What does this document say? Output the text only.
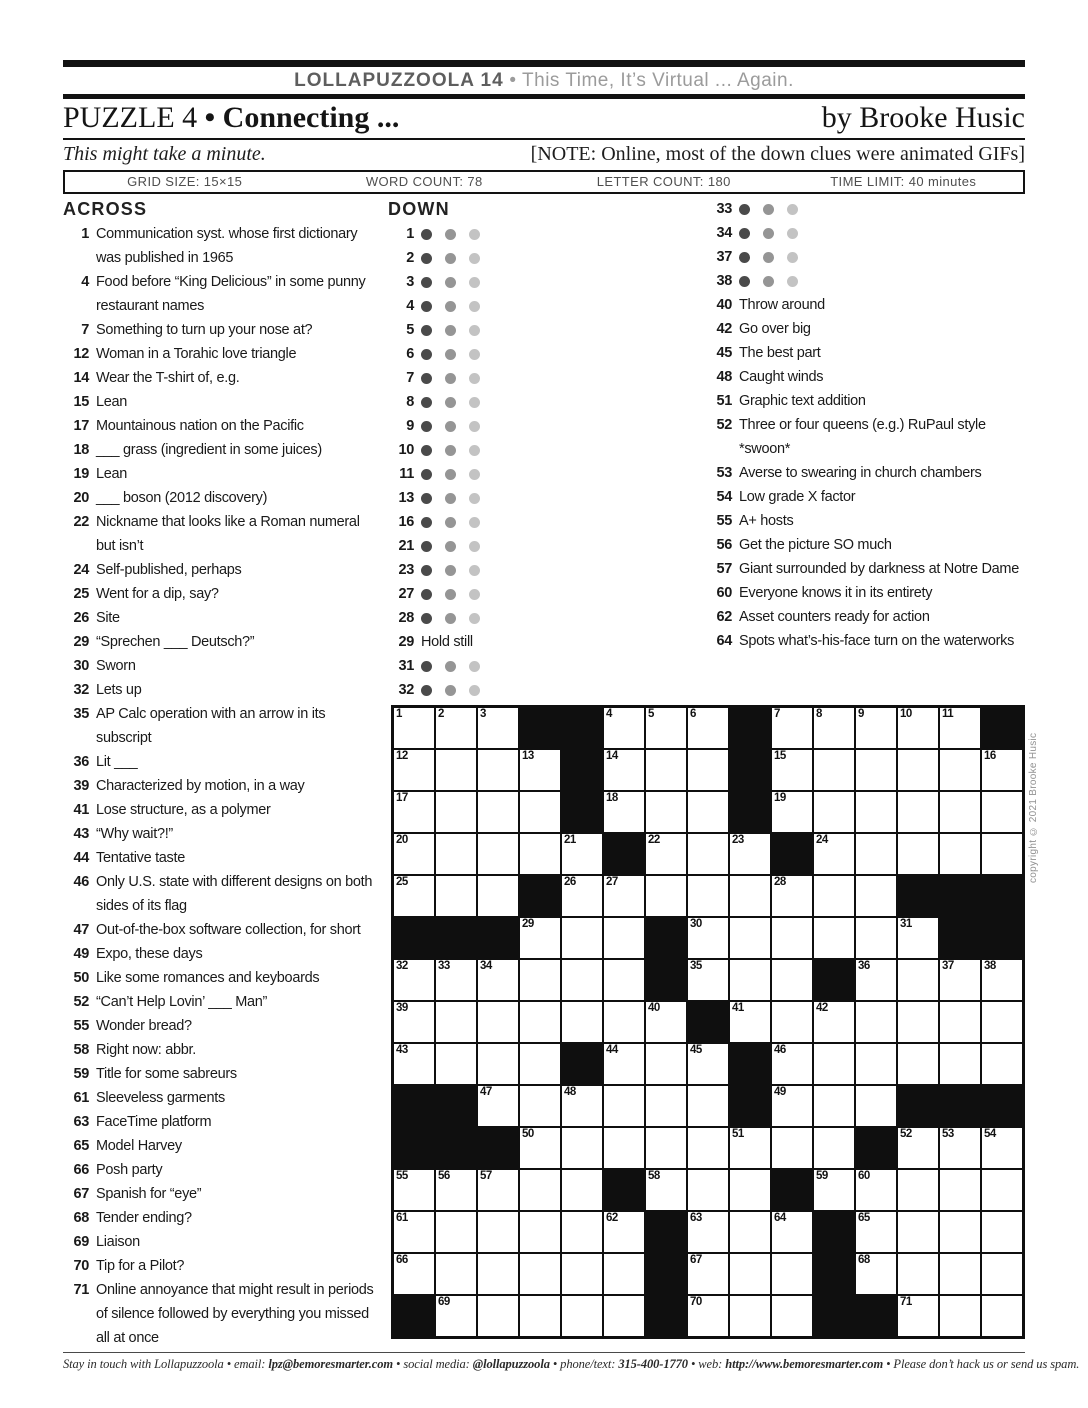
LOLLAPUZZOOLA 14 • This Time, It’s Virtual ... Again.
PUZZLE 4 • Connecting ...	by Brooke Husic
This might take a minute.	[NOTE: Online, most of the down clues were animated GIFs]
GRID SIZE: 15×15	WORD COUNT: 78	LETTER COUNT: 180	TIME LIMIT: 40 minutes
ACROSS
1 Communication syst. whose first dictionary was published in 1965
4 Food before “King Delicious” in some punny restaurant names
7 Something to turn up your nose at?
12 Woman in a Torahic love triangle
14 Wear the T-shirt of, e.g.
15 Lean
17 Mountainous nation on the Pacific
18 ___ grass (ingredient in some juices)
19 Lean
20 ___ boson (2012 discovery)
22 Nickname that looks like a Roman numeral but isn’t
24 Self-published, perhaps
25 Went for a dip, say?
26 Site
29 “Sprechen ___ Deutsch?”
30 Sworn
32 Lets up
35 AP Calc operation with an arrow in its subscript
36 Lit ___
39 Characterized by motion, in a way
41 Lose structure, as a polymer
43 “Why wait?!”
44 Tentative taste
46 Only U.S. state with different designs on both sides of its flag
47 Out-of-the-box software collection, for short
49 Expo, these days
50 Like some romances and keyboards
52 “Can’t Help Lovin’ ___ Man”
55 Wonder bread?
58 Right now: abbr.
59 Title for some sabreurs
61 Sleeveless garments
63 FaceTime platform
65 Model Harvey
66 Posh party
67 Spanish for “eye”
68 Tender ending?
69 Liaison
70 Tip for a Pilot?
71 Online annoyance that might result in periods of silence followed by everything you missed all at once
DOWN
1
2
3
4
5
6
7
8
9
10
11
13
16
21
23
27
28
29 Hold still
31
32
33
34
37
38
40 Throw around
42 Go over big
45 The best part
48 Caught winds
51 Graphic text addition
52 Three or four queens (e.g.) RuPaul style *swoon*
53 Averse to swearing in church chambers
54 Low grade X factor
55 A+ hosts
56 Get the picture SO much
57 Giant surrounded by darkness at Notre Dame
60 Everyone knows it in its entirety
62 Asset counters ready for action
64 Spots what’s-his-face turn on the waterworks
1	2	3	4	5	6	7	8	9	10	11
12	13	14	15	16
17	18	19
20	21	22	23	24
25	26	27	28
29	30	31
32	33	34	35	36	37	38
39	40	41	42
43	44	45	46
47	48	49
50	51	52	53	54
55	56	57	58	59	60
61	62	63	64	65
66	67	68
69	70	71
copyright © 2021 Brooke Husic
Stay in touch with Lollapuzzoola • email: lpz@bemoresmarter.com • social media: @lollapuzzoola • phone/text: 315-400-1770 • web: http://www.bemoresmarter.com • Please don’t hack us or send us spam.
